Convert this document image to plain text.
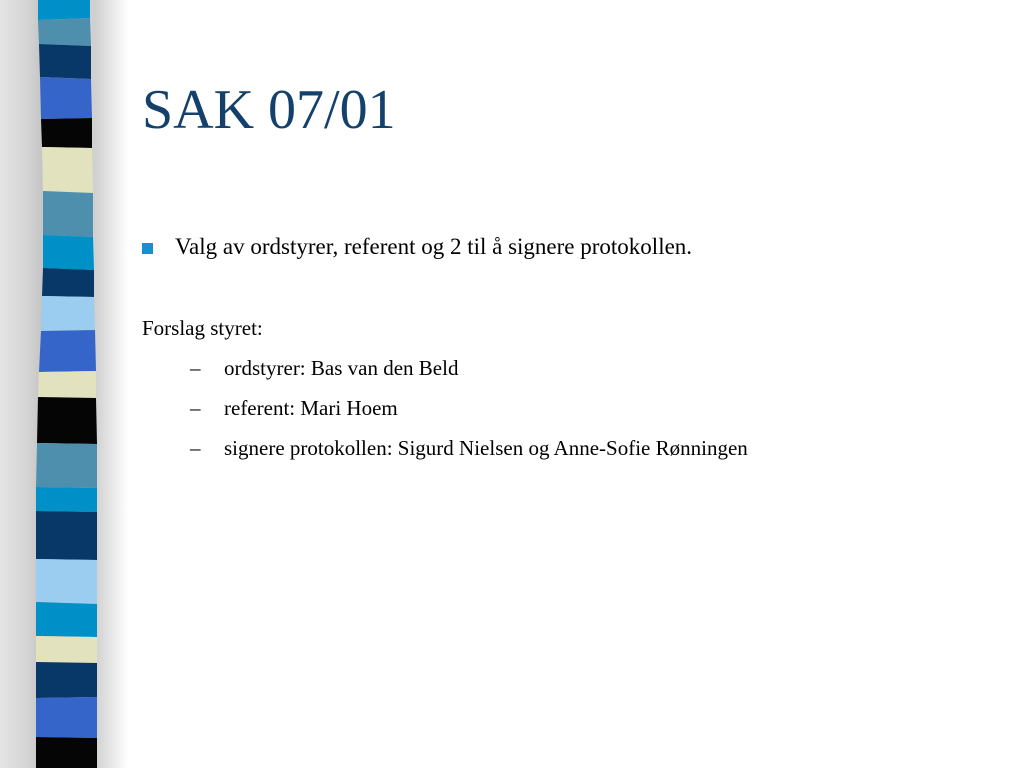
SAK 07/01
Valg av ordstyrer, referent og 2 til å signere protokollen.
Forslag styret:
–	ordstyrer: Bas van den Beld
–	referent: Mari Hoem
–	signere protokollen: Sigurd Nielsen og Anne-Sofie Rønningen
